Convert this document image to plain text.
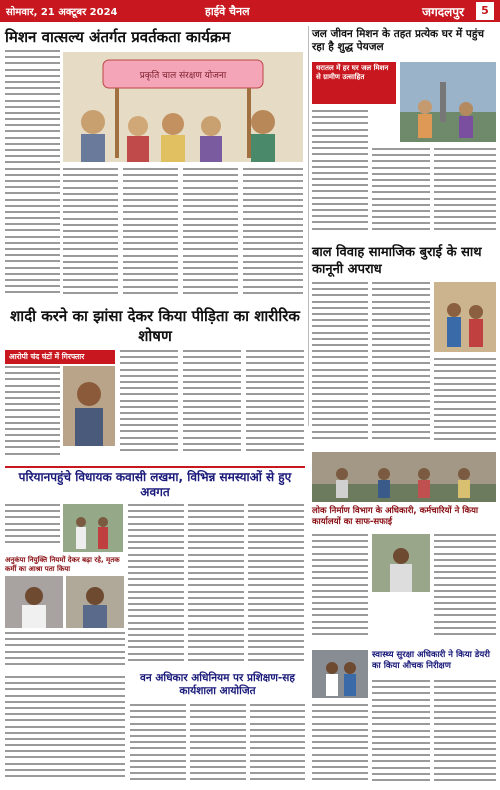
सोमवार, 21 अक्टूबर 2024	हाईवे चैनल	जगदलपुर	5
मिशन वात्सल्य अंतर्गत प्रवर्तकता कार्यक्रम
प्रकृति चाल संरक्षण योजना
जल जीवन मिशन के तहत प्रत्येक घर में पहुंच रहा है शुद्ध पेयजल
धरातल में हर घर जल मिशन से ग्रामीण उत्साहित
बाल विवाह सामाजिक बुराई के साथ कानूनी अपराध
शादी करने का झांसा देकर किया पीड़िता का शारीरिक शोषण
आरोपी चंद घंटों में गिरफ्तार
लोक निर्माण विभाग के अधिकारी, कर्मचारियों ने किया कार्यालयों का साफ-सफाई
परियानपहुंचे विधायक कवासी लखमा, विभिन्न समस्याओं से हुए अवगत
अनुकंपा नियुक्ति नियमों देकर बढ़ा रहे, मृतक कर्मी का आश्रा पता किया
वन अधिकार अधिनियम पर प्रशिक्षण-सह कार्यशाला आयोजित
स्वास्थ्य सुरक्षा अधिकारी ने किया डेयरी का किया औचक निरीक्षण
